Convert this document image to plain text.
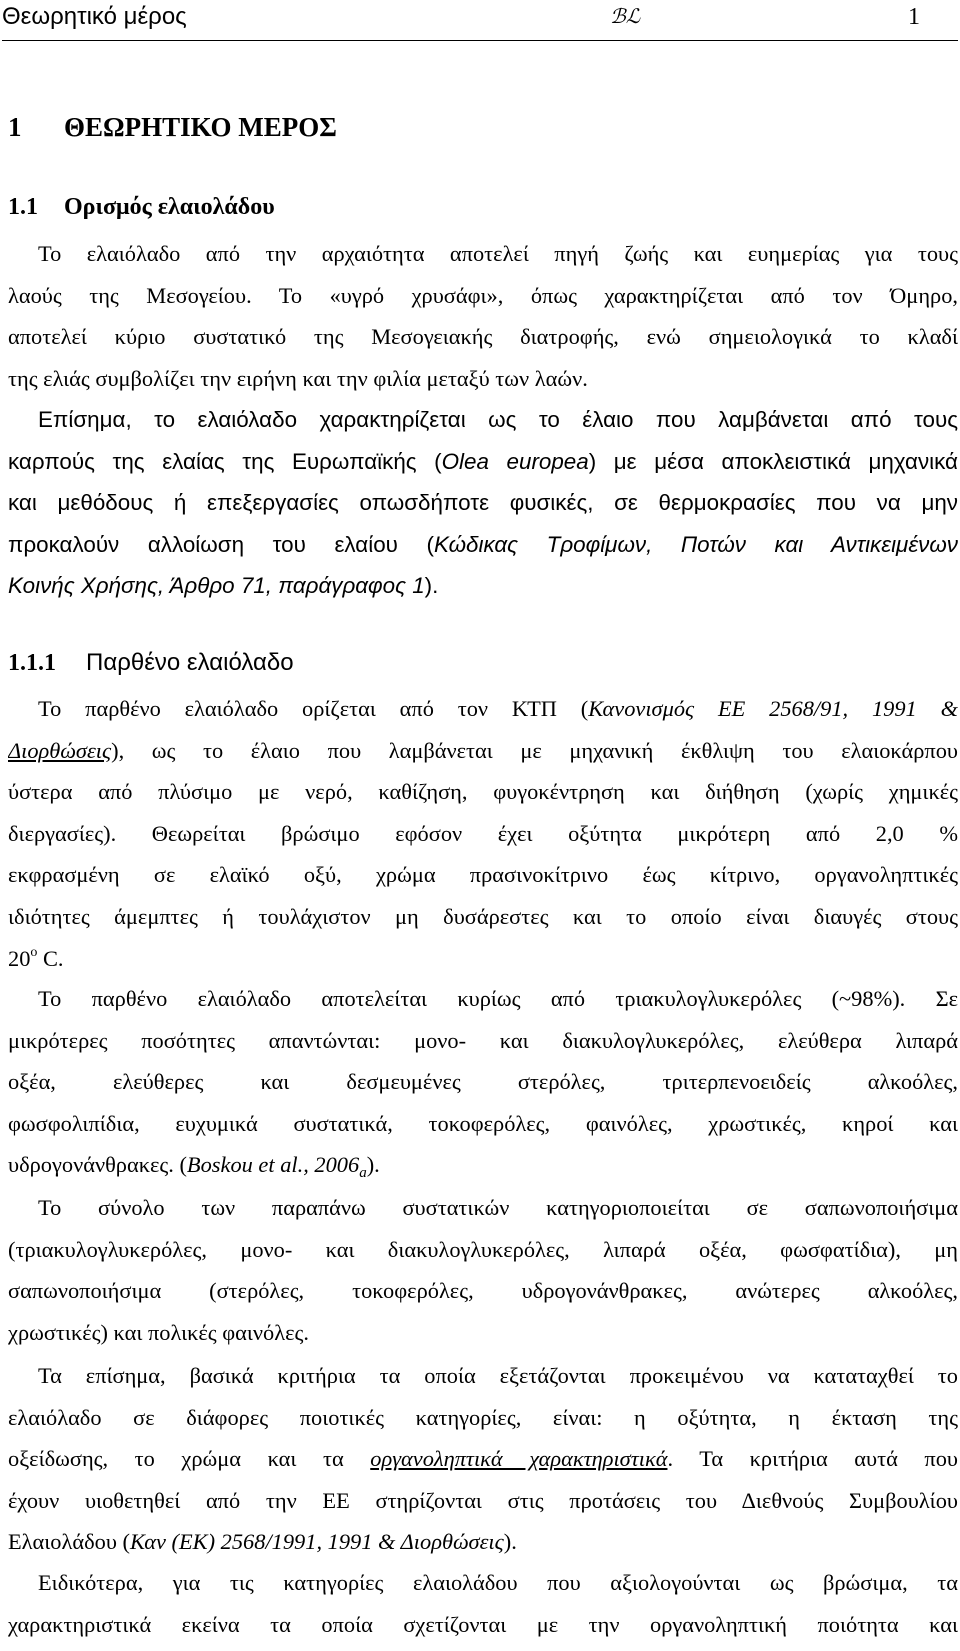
Θεωρητικό μέρος	ℬℒ	1
1 ΘΕΩΡΗΤΙΚΟ ΜΕΡΟΣ
1.1 Ορισμός ελαιολάδου
Το ελαιόλαδο από την αρχαιότητα αποτελεί πηγή ζωής και ευημερίας για τους
λαούς της Μεσογείου. Το «υγρό χρυσάφι», όπως χαρακτηρίζεται από τον Όμηρο,
αποτελεί κύριο συστατικό της Μεσογειακής διατροφής, ενώ σημειολογικά το κλαδί
της ελιάς συμβολίζει την ειρήνη και την φιλία μεταξύ των λαών.
Επίσημα, το ελαιόλαδο χαρακτηρίζεται ως το έλαιο που λαμβάνεται από τους
καρπούς της ελαίας της Ευρωπαϊκής (Olea europea) με μέσα αποκλειστικά μηχανικά
και μεθόδους ή επεξεργασίες οπωσδήποτε φυσικές, σε θερμοκρασίες που να μην
προκαλούν αλλοίωση του ελαίου (Κώδικας Τροφίμων, Ποτών και Αντικειμένων
Κοινής Χρήσης, Άρθρο 71, παράγραφος 1).
1.1.1 Παρθένο ελαιόλαδο
Το παρθένο ελαιόλαδο ορίζεται από τον ΚΤΠ (Κανονισμός ΕΕ 2568/91, 1991 &
Διορθώσεις), ως το έλαιο που λαμβάνεται με μηχανική έκθλιψη του ελαιοκάρπου
ύστερα από πλύσιμο με νερό, καθίζηση, φυγοκέντρηση και διήθηση (χωρίς χημικές
διεργασίες). Θεωρείται βρώσιμο εφόσον έχει οξύτητα μικρότερη από 2,0 %
εκφρασμένη σε ελαϊκό οξύ, χρώμα πρασινοκίτρινο έως κίτρινο, οργανοληπτικές
ιδιότητες άμεμπτες ή τουλάχιστον μη δυσάρεστες και το οποίο είναι διαυγές στους
20$^o$ C.
Το παρθένο ελαιόλαδο αποτελείται κυρίως από τριακυλογλυκερόλες (~98%). Σε
μικρότερες ποσότητες απαντώνται: μονο- και διακυλογλυκερόλες, ελεύθερα λιπαρά
οξέα, ελεύθερες και δεσμευμένες στερόλες, τριτερπενοειδείς αλκοόλες,
φωσφολιπίδια, ευχυμικά συστατικά, τοκοφερόλες, φαινόλες, χρωστικές, κηροί και
υδρογονάνθρακες. (Boskou et al., $2006_a$).
Το σύνολο των παραπάνω συστατικών κατηγοριοποιείται σε σαπωνοποιήσιμα
(τριακυλογλυκερόλες, μονο- και διακυλογλυκερόλες, λιπαρά οξέα, φωσφατίδια), μη
σαπωνοποιήσιμα (στερόλες, τοκοφερόλες, υδρογονάνθρακες, ανώτερες αλκοόλες,
χρωστικές) και πολικές φαινόλες.
Τα επίσημα, βασικά κριτήρια τα οποία εξετάζονται προκειμένου να καταταχθεί το
ελαιόλαδο σε διάφορες ποιοτικές κατηγορίες, είναι: η οξύτητα, η έκταση της
οξείδωσης, το χρώμα και τα οργανοληπτικά χαρακτηριστικά. Τα κριτήρια αυτά που
έχουν υιοθετηθεί από την ΕΕ στηρίζονται στις προτάσεις του Διεθνούς Συμβουλίου
Ελαιολάδου (Καν (ΕΚ) 2568/1991, 1991 & Διορθώσεις).
Ειδικότερα, για τις κατηγορίες ελαιολάδου που αξιολογούνται ως βρώσιμα, τα
χαρακτηριστικά εκείνα τα οποία σχετίζονται με την οργανοληπτική ποιότητα και
